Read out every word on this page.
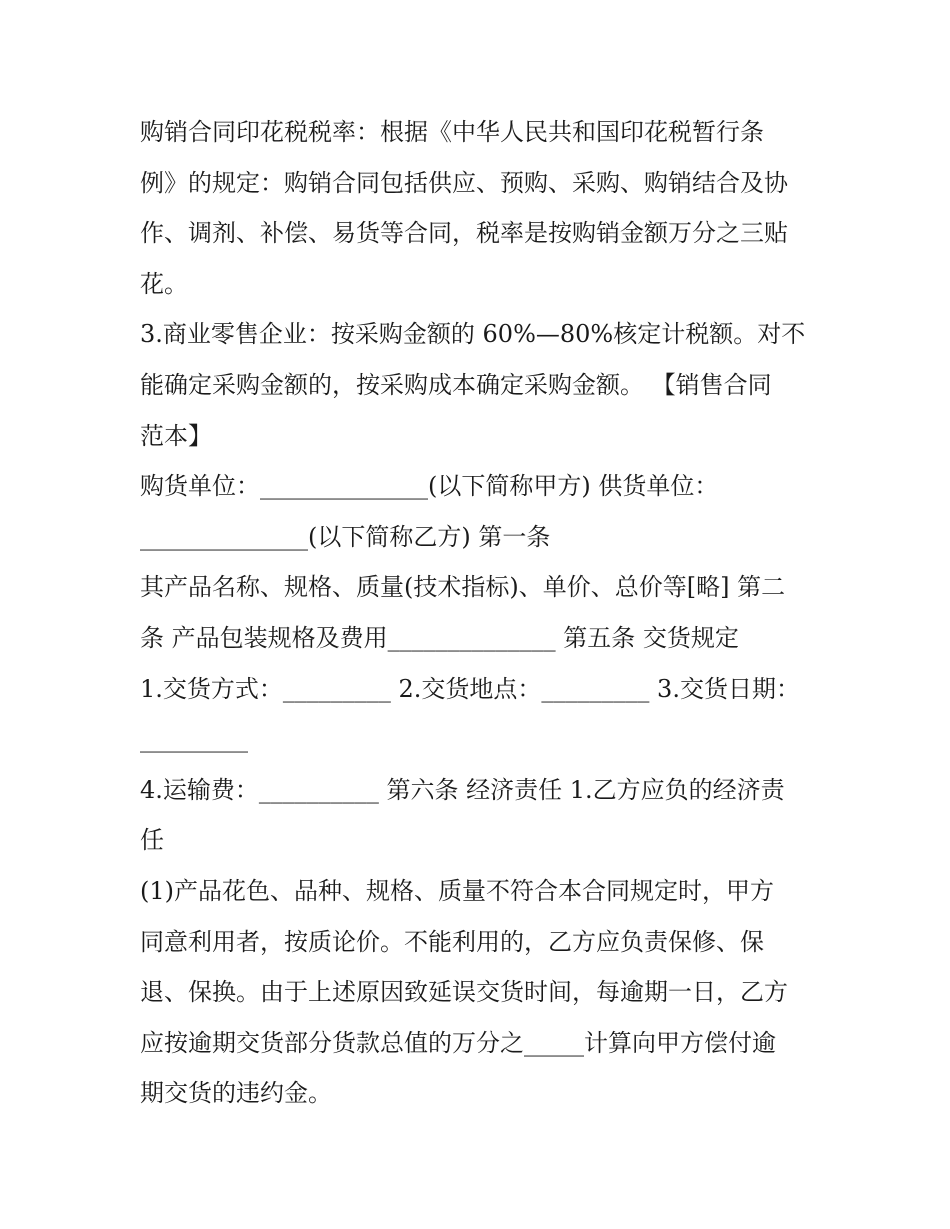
购销合同印花税税率：根据《中华人民共和国印花税暂行条
例》的规定：购销合同包括供应、预购、采购、购销结合及协
作、调剂、补偿、易货等合同，税率是按购销金额万分之三贴
花。
3.商业零售企业：按采购金额的 60%—80%核定计税额。对不
能确定采购金额的，按采购成本确定采购金额。 【销售合同
范本】
购货单位：______________(以下简称甲方) 供货单位：
______________(以下简称乙方) 第一条
其产品名称、规格、质量(技术指标)、单价、总价等[略] 第二
条 产品包装规格及费用______________ 第五条 交货规定
1.交货方式：_________ 2.交货地点：_________ 3.交货日期：
_________
4.运输费：__________ 第六条 经济责任 1.乙方应负的经济责
任
(1)产品花色、品种、规格、质量不符合本合同规定时，甲方
同意利用者，按质论价。不能利用的，乙方应负责保修、保
退、保换。由于上述原因致延误交货时间，每逾期一日，乙方
应按逾期交货部分货款总值的万分之_____计算向甲方偿付逾
期交货的违约金。
